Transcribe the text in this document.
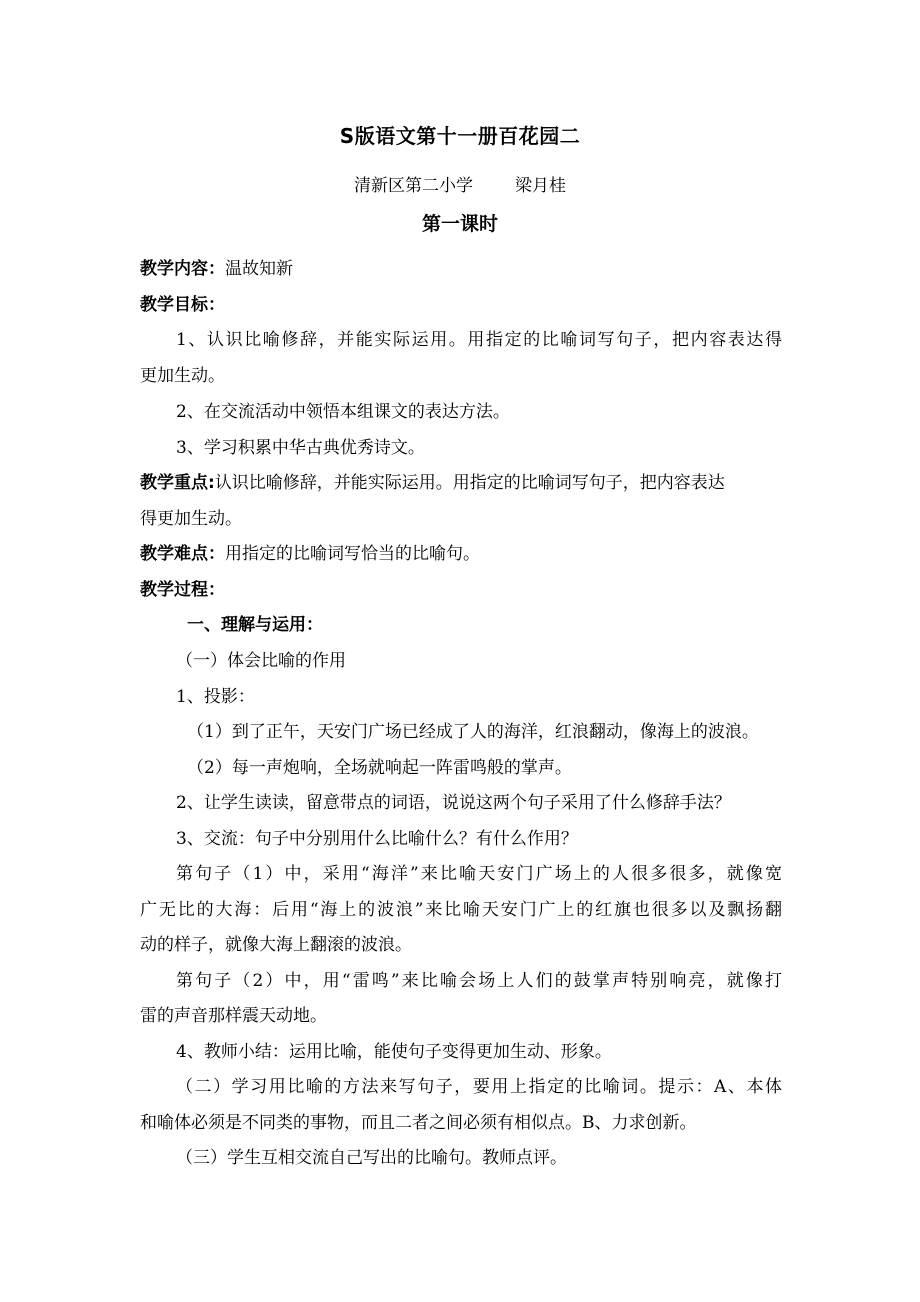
S版语文第十一册百花园二
清新区第二小学 梁月桂
第一课时
教学内容：温故知新
教学目标：
1、认识比喻修辞，并能实际运用。用指定的比喻词写句子，把内容表达得
更加生动。
2、在交流活动中领悟本组课文的表达方法。
3、学习积累中华古典优秀诗文。
教学重点:认识比喻修辞，并能实际运用。用指定的比喻词写句子，把内容表达
得更加生动。
教学难点：用指定的比喻词写恰当的比喻句。
教学过程：
一、理解与运用：
（一）体会比喻的作用
1、投影：
（1）到了正午，天安门广场已经成了人的海洋，红浪翻动，像海上的波浪。
（2）每一声炮响，全场就响起一阵雷鸣般的掌声。
2、让学生读读，留意带点的词语，说说这两个句子采用了什么修辞手法？
3、交流：句子中分别用什么比喻什么？有什么作用？
第句子（1）中，采用“海洋”来比喻天安门广场上的人很多很多，就像宽
广无比的大海：后用“海上的波浪”来比喻天安门广上的红旗也很多以及飘扬翻
动的样子，就像大海上翻滚的波浪。
第句子（2）中，用“雷鸣”来比喻会场上人们的鼓掌声特别响亮，就像打
雷的声音那样震天动地。
4、教师小结：运用比喻，能使句子变得更加生动、形象。
（二）学习用比喻的方法来写句子，要用上指定的比喻词。提示：A、本体
和喻体必须是不同类的事物，而且二者之间必须有相似点。B、力求创新。
（三）学生互相交流自己写出的比喻句。教师点评。
